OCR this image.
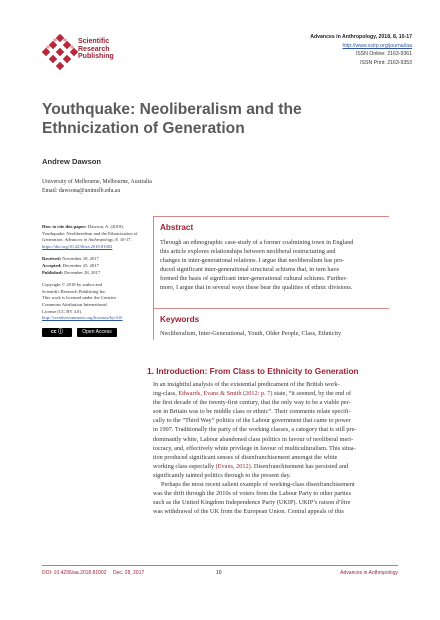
Scientific
Research
Publishing
Advances in Anthropology, 2018, 8, 10-17
http://www.scirp.org/journal/aa
ISSN Online: 2163-9361
ISSN Print: 2163-9353
Youthquake: Neoliberalism and the
Ethnicization of Generation
Andrew Dawson
University of Melbourne, Melbourne, Australia
Email: dawsona@unimelb.edu.au

How to cite this paper: Dawson, A. (2018). Youthquake: Neoliberalism and the Ethnicization of Generation. Advances in Anthropology, 8, 10-17.
https://doi.org/10.4236/aa.2018.81002

Received: November 18, 2017
Accepted: December 25, 2017
Published: December 28, 2017

Copyright © 2018 by author and
Scientific Research Publishing Inc.
This work is licensed under the Creative
Commons Attribution International
License (CC BY 4.0).
http://creativecommons.org/licenses/by/4.0/

cc ⓘ	Open Access
Abstract
Through an ethnographic case-study of a former coalmining town in England
this article explores relationships between neoliberal restructuring and
changes in inter-generational relations. I argue that neoliberalism has pro-
duced significant inter-generational structural schisms that, in turn have
formed the basis of significant inter-generational cultural schisms. Further-
more, I argue that in several ways these bear the qualities of ethnic divisions.
Keywords
Neoliberalism, Inter-Generational, Youth, Older People, Class, Ethnicity
1. Introduction: From Class to Ethnicity to Generation
In an insightful analysis of the existential predicament of the British work-
ing-class, Edwards, Evans & Smith (2012: p. 7) state, “it seemed, by the end of
the first decade of the twenty-first century, that the only way to be a viable per-
son in Britain was to be middle class or ethnic”. Their comments relate specifi-
cally to the “Third Way” politics of the Labour government that came to power
in 1997. Traditionally the party of the working classes, a category that is still pre-
dominantly white, Labour abandoned class politics in favour of neoliberal meri-
tocracy, and, effectively white privilege in favour of multiculturalism. This situa-
tion produced significant senses of disenfranchisement amongst the white
working class especially (Evans, 2012). Disenfranchisement has persisted and
significantly tainted politics through to the present day.
Perhaps the most recent salient example of working-class disenfranchisement
was the drift through the 2010s of voters from the Labour Party to other parties
such as the United Kingdom Independence Party (UKIP). UKIP’s raison d’être
was withdrawal of the UK from the European Union. Central appeals of this
DOI: 10.4236/aa.2018.81002 Dec. 28, 2017	10	Advances in Anthropology
